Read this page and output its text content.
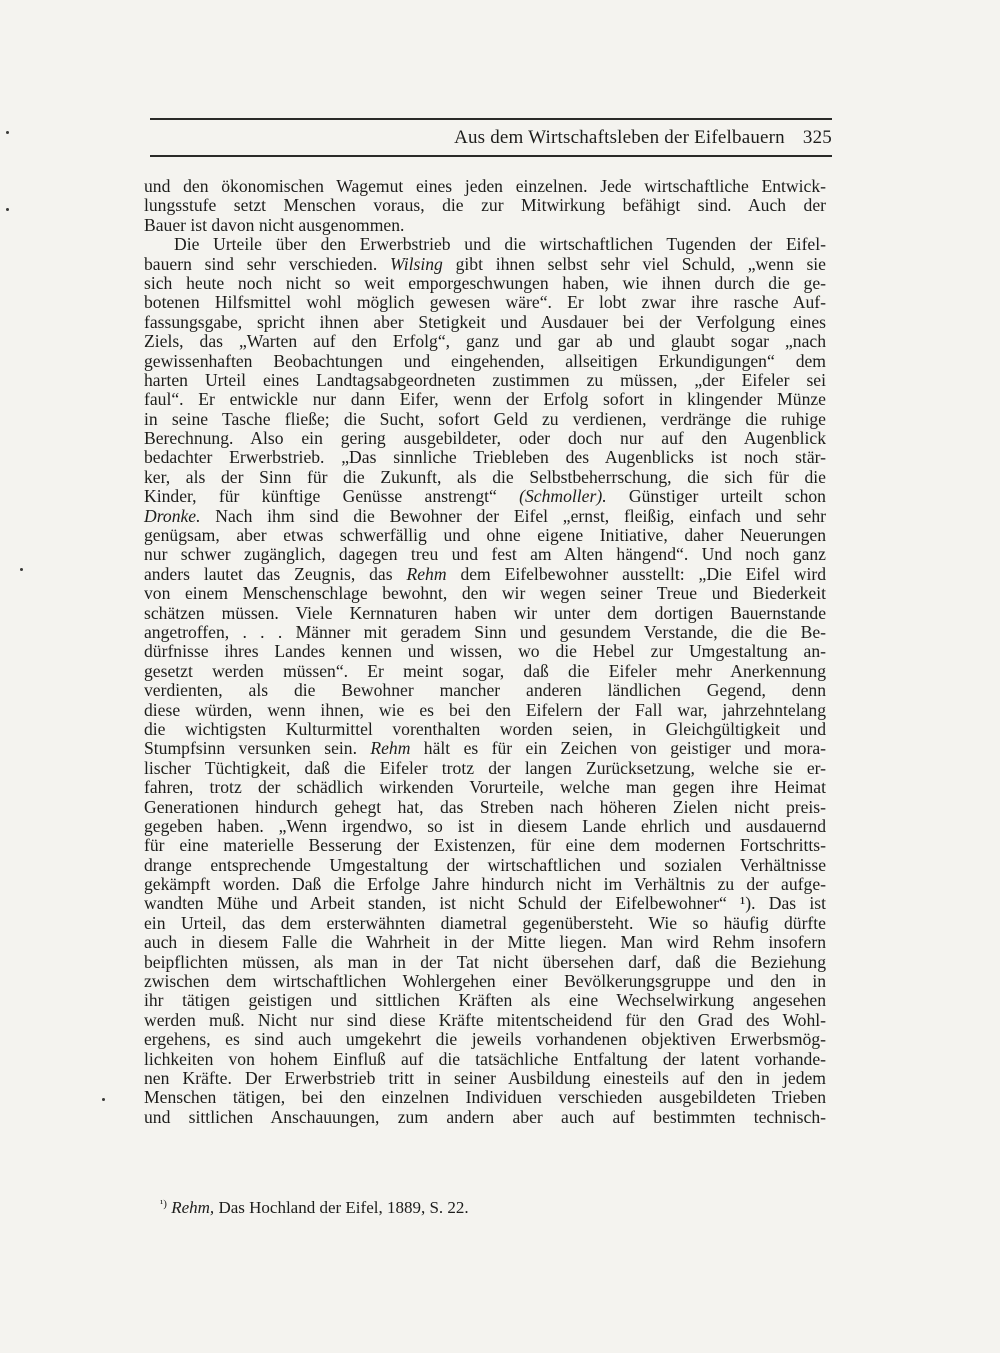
Aus dem Wirtschaftsleben der Eifelbauern 325
und den ökonomischen Wagemut eines jeden einzelnen. Jede wirtschaftliche Entwick-
lungsstufe setzt Menschen voraus, die zur Mitwirkung befähigt sind. Auch der
Bauer ist davon nicht ausgenommen.
Die Urteile über den Erwerbstrieb und die wirtschaftlichen Tugenden der Eifel-
bauern sind sehr verschieden. Wilsing gibt ihnen selbst sehr viel Schuld, „wenn sie
sich heute noch nicht so weit emporgeschwungen haben, wie ihnen durch die ge-
botenen Hilfsmittel wohl möglich gewesen wäre“. Er lobt zwar ihre rasche Auf-
fassungsgabe, spricht ihnen aber Stetigkeit und Ausdauer bei der Verfolgung eines
Ziels, das „Warten auf den Erfolg“, ganz und gar ab und glaubt sogar „nach
gewissenhaften Beobachtungen und eingehenden, allseitigen Erkundigungen“ dem
harten Urteil eines Landtagsabgeordneten zustimmen zu müssen, „der Eifeler sei
faul“. Er entwickle nur dann Eifer, wenn der Erfolg sofort in klingender Münze
in seine Tasche fließe; die Sucht, sofort Geld zu verdienen, verdränge die ruhige
Berechnung. Also ein gering ausgebildeter, oder doch nur auf den Augenblick
bedachter Erwerbstrieb. „Das sinnliche Triebleben des Augenblicks ist noch stär-
ker, als der Sinn für die Zukunft, als die Selbstbeherrschung, die sich für die
Kinder, für künftige Genüsse anstrengt“ (Schmoller). Günstiger urteilt schon
Dronke. Nach ihm sind die Bewohner der Eifel „ernst, fleißig, einfach und sehr
genügsam, aber etwas schwerfällig und ohne eigene Initiative, daher Neuerungen
nur schwer zugänglich, dagegen treu und fest am Alten hängend“. Und noch ganz
anders lautet das Zeugnis, das Rehm dem Eifelbewohner ausstellt: „Die Eifel wird
von einem Menschenschlage bewohnt, den wir wegen seiner Treue und Biederkeit
schätzen müssen. Viele Kernnaturen haben wir unter dem dortigen Bauernstande
angetroffen, . . . Männer mit geradem Sinn und gesundem Verstande, die die Be-
dürfnisse ihres Landes kennen und wissen, wo die Hebel zur Umgestaltung an-
gesetzt werden müssen“. Er meint sogar, daß die Eifeler mehr Anerkennung
verdienten, als die Bewohner mancher anderen ländlichen Gegend, denn
diese würden, wenn ihnen, wie es bei den Eifelern der Fall war, jahrzehntelang
die wichtigsten Kulturmittel vorenthalten worden seien, in Gleichgültigkeit und
Stumpfsinn versunken sein. Rehm hält es für ein Zeichen von geistiger und mora-
lischer Tüchtigkeit, daß die Eifeler trotz der langen Zurücksetzung, welche sie er-
fahren, trotz der schädlich wirkenden Vorurteile, welche man gegen ihre Heimat
Generationen hindurch gehegt hat, das Streben nach höheren Zielen nicht preis-
gegeben haben. „Wenn irgendwo, so ist in diesem Lande ehrlich und ausdauernd
für eine materielle Besserung der Existenzen, für eine dem modernen Fortschritts-
drange entsprechende Umgestaltung der wirtschaftlichen und sozialen Verhältnisse
gekämpft worden. Daß die Erfolge Jahre hindurch nicht im Verhältnis zu der aufge-
wandten Mühe und Arbeit standen, ist nicht Schuld der Eifelbewohner“ ¹). Das ist
ein Urteil, das dem ersterwähnten diametral gegenübersteht. Wie so häufig dürfte
auch in diesem Falle die Wahrheit in der Mitte liegen. Man wird Rehm insofern
beipflichten müssen, als man in der Tat nicht übersehen darf, daß die Beziehung
zwischen dem wirtschaftlichen Wohlergehen einer Bevölkerungsgruppe und den in
ihr tätigen geistigen und sittlichen Kräften als eine Wechselwirkung angesehen
werden muß. Nicht nur sind diese Kräfte mitentscheidend für den Grad des Wohl-
ergehens, es sind auch umgekehrt die jeweils vorhandenen objektiven Erwerbsmög-
lichkeiten von hohem Einfluß auf die tatsächliche Entfaltung der latent vorhande-
nen Kräfte. Der Erwerbstrieb tritt in seiner Ausbildung einesteils auf den in jedem
Menschen tätigen, bei den einzelnen Individuen verschieden ausgebildeten Trieben
und sittlichen Anschauungen, zum andern aber auch auf bestimmten technisch-
$^{^1)}$ Rehm, Das Hochland der Eifel, 1889, S. 22.
